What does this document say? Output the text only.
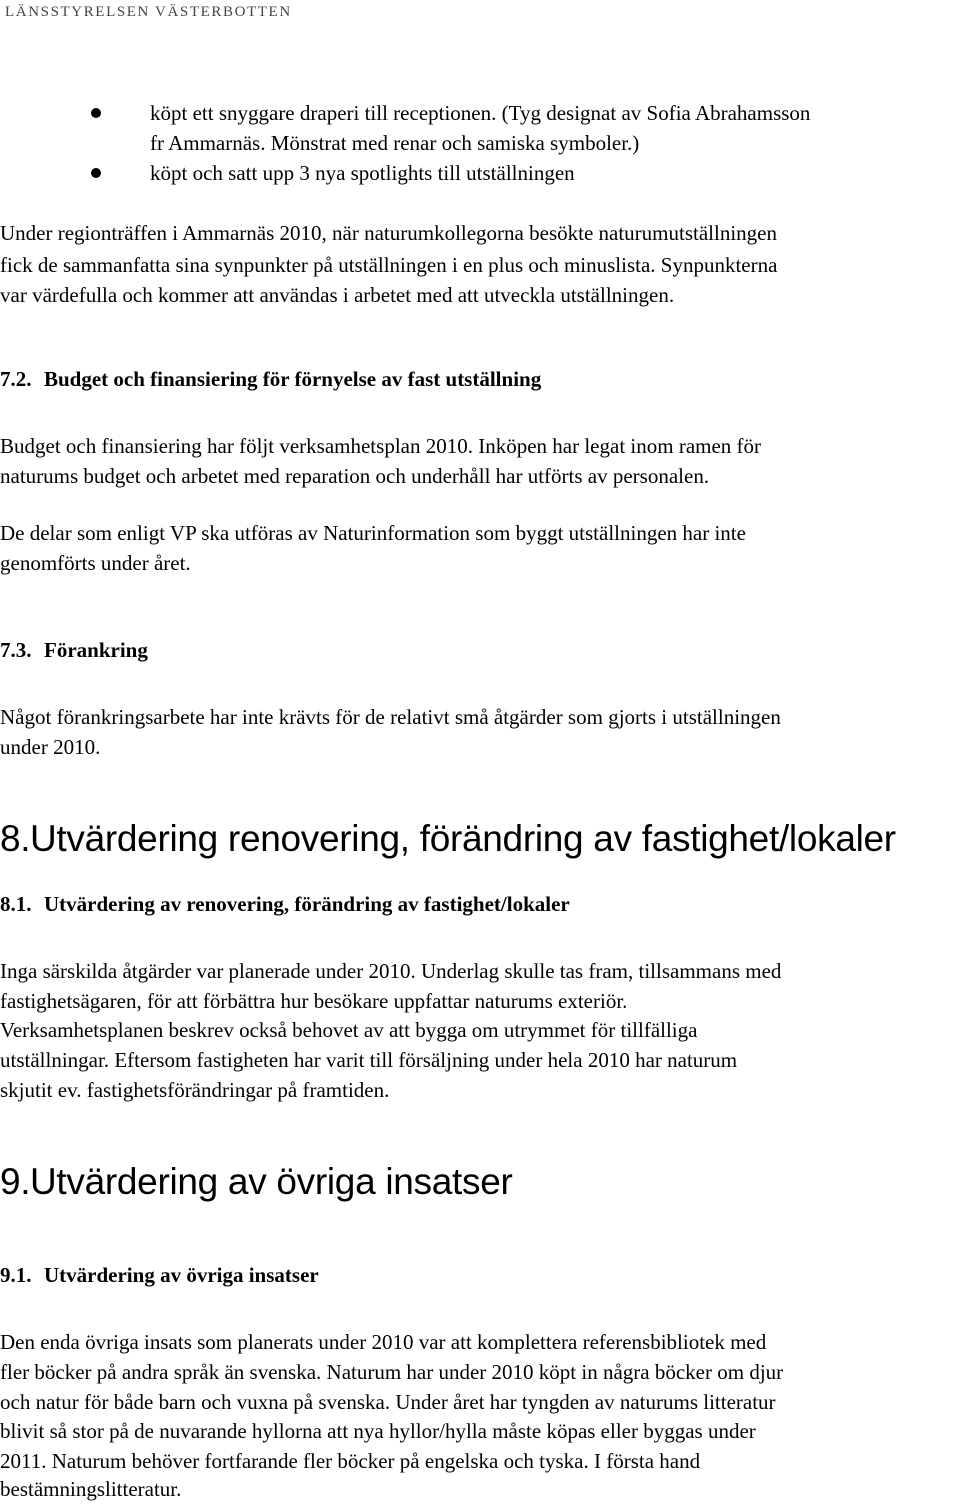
LÄNSSTYRELSEN VÄSTERBOTTEN
köpt ett snyggare draperi till receptionen. (Tyg designat av Sofia Abrahamsson
fr Ammarnäs. Mönstrat med renar och samiska symboler.)
köpt och satt upp 3 nya spotlights till utställningen
Under regionträffen i Ammarnäs 2010, när naturumkollegorna besökte naturumutställningen
fick de sammanfatta sina synpunkter på utställningen i en plus och minuslista. Synpunkterna
var värdefulla och kommer att användas i arbetet med att utveckla utställningen.
7.2. Budget och finansiering för förnyelse av fast utställning
Budget och finansiering har följt verksamhetsplan 2010. Inköpen har legat inom ramen för
naturums budget och arbetet med reparation och underhåll har utförts av personalen.
De delar som enligt VP ska utföras av Naturinformation som byggt utställningen har inte
genomförts under året.
7.3. Förankring
Något förankringsarbete har inte krävts för de relativt små åtgärder som gjorts i utställningen
under 2010.
8.Utvärdering renovering, förändring av fastighet/lokaler
8.1. Utvärdering av renovering, förändring av fastighet/lokaler
Inga särskilda åtgärder var planerade under 2010. Underlag skulle tas fram, tillsammans med
fastighetsägaren, för att förbättra hur besökare uppfattar naturums exteriör.
Verksamhetsplanen beskrev också behovet av att bygga om utrymmet för tillfälliga
utställningar. Eftersom fastigheten har varit till försäljning under hela 2010 har naturum
skjutit ev. fastighetsförändringar på framtiden.
9.Utvärdering av övriga insatser
9.1. Utvärdering av övriga insatser
Den enda övriga insats som planerats under 2010 var att komplettera referensbibliotek med
fler böcker på andra språk än svenska. Naturum har under 2010 köpt in några böcker om djur
och natur för både barn och vuxna på svenska. Under året har tyngden av naturums litteratur
blivit så stor på de nuvarande hyllorna att nya hyllor/hylla måste köpas eller byggas under
2011. Naturum behöver fortfarande fler böcker på engelska och tyska. I första hand
bestämningslitteratur.
